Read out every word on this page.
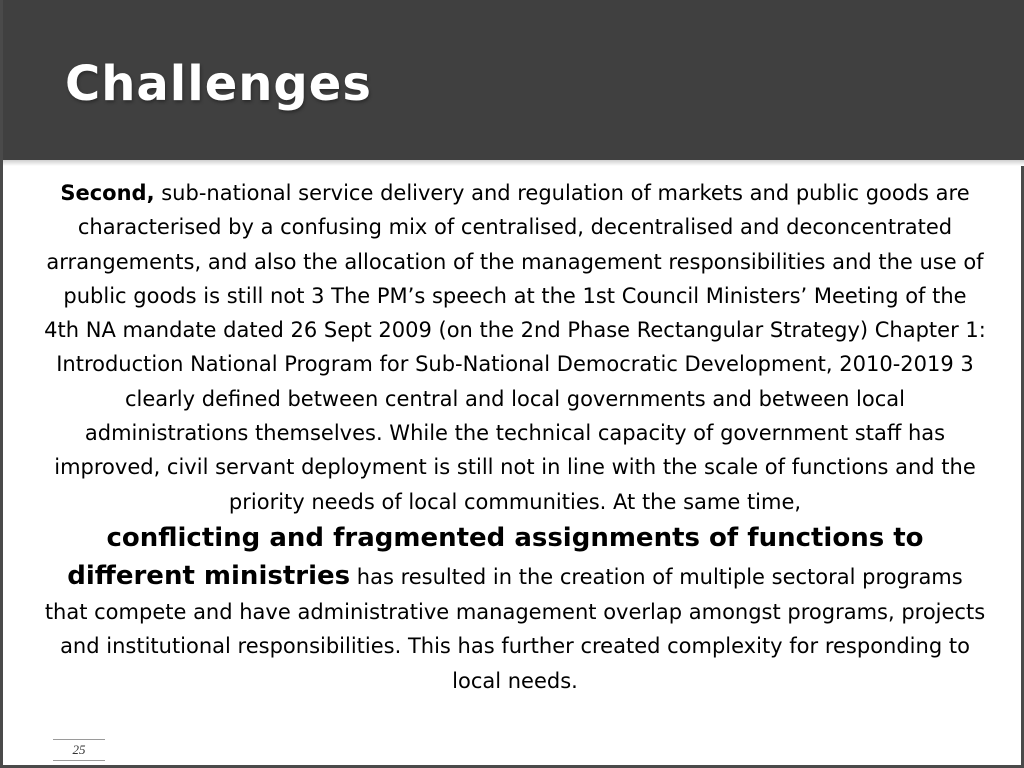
Challenges
Second, sub-national service delivery and regulation of markets and public goods are characterised by a confusing mix of centralised, decentralised and deconcentrated arrangements, and also the allocation of the management responsibilities and the use of public goods is still not 3 The PM’s speech at the 1st Council Ministers’ Meeting of the 4th NA mandate dated 26 Sept 2009 (on the 2nd Phase Rectangular Strategy) Chapter 1: Introduction National Program for Sub-National Democratic Development, 2010-2019 3 clearly defined between central and local governments and between local administrations themselves. While the technical capacity of government staff has improved, civil servant deployment is still not in line with the scale of functions and the priority needs of local communities. At the same time,
conflicting and fragmented assignments of functions to different ministries has resulted in the creation of multiple sectoral programs that compete and have administrative management overlap amongst programs, projects and institutional responsibilities. This has further created complexity for responding to local needs.
25
